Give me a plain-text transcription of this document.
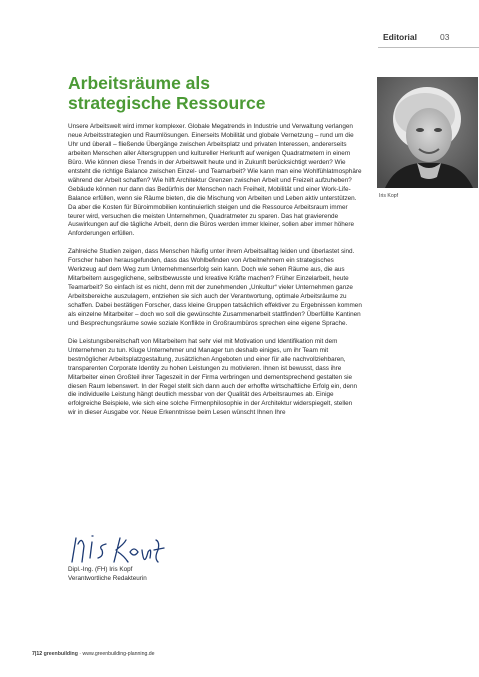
Editorial	03
Arbeitsräume als
strategische Ressource

Unsere Arbeitswelt wird immer komplexer. Globale Megatrends in Industrie und Verwaltung verlangen neue Arbeitsstrategien und Raumlösungen. Einerseits Mobilität und globale Vernetzung – rund um die Uhr und überall – fließende Übergänge zwischen Arbeitsplatz und privaten Interessen, andererseits arbeiten Menschen aller Altersgruppen und kultureller Herkunft auf wenigen Quadratmetern in einem Büro. Wie können diese Trends in der Arbeitswelt heute und in Zukunft berücksichtigt werden? Wie entsteht die richtige Balance zwischen Einzel- und Teamarbeit? Wie kann man eine Wohlfühlatmosphäre während der Arbeit schaffen? Wie hilft Architektur Grenzen zwischen Arbeit und Freizeit aufzuheben? Gebäude können nur dann das Bedürfnis der Menschen nach Freiheit, Mobilität und einer Work-Life-Balance erfüllen, wenn sie Räume bieten, die die Mischung von Arbeiten und Leben aktiv unterstützen. Da aber die Kosten für Büroimmobilien kontinuierlich steigen und die Ressource Arbeitsraum immer teurer wird, versuchen die meisten Unternehmen, Quadratmeter zu sparen. Das hat gravierende Auswirkungen auf die tägliche Arbeit, denn die Büros werden immer kleiner, sollen aber immer höhere Anforderungen erfüllen.

Zahlreiche Studien zeigen, dass Menschen häufig unter ihrem Arbeitsalltag leiden und überlastet sind. Forscher haben herausgefunden, dass das Wohlbefinden von Arbeitnehmern ein strategisches Werkzeug auf dem Weg zum Unternehmenserfolg sein kann. Doch wie sehen Räume aus, die aus Mitarbeitern ausgeglichene, selbstbewusste und kreative Kräfte machen? Früher Einzelarbeit, heute Teamarbeit? So einfach ist es nicht, denn mit der zunehmenden „Unkultur“ vieler Unternehmen ganze Arbeitsbereiche auszulagern, entziehen sie sich auch der Verantwortung, optimale Arbeitsräume zu schaffen. Dabei bestätigen Forscher, dass kleine Gruppen tatsächlich effektiver zu Ergebnissen kommen als einzelne Mitarbeiter – doch wo soll die gewünschte Zusammenarbeit stattfinden? Überfüllte Kantinen und Besprechungsräume sowie soziale Konflikte in Großraumbüros sprechen eine eigene Sprache.

Die Leistungsbereitschaft von Mitarbeitern hat sehr viel mit Motivation und Identifikation mit dem Unternehmen zu tun. Kluge Unternehmer und Manager tun deshalb einiges, um ihr Team mit bestmöglicher Arbeitsplatzgestaltung, zusätzlichen Angeboten und einer für alle nachvollziehbaren, transparenten Corporate Identity zu hohen Leistungen zu motivieren. Ihnen ist bewusst, dass ihre Mitarbeiter einen Großteil ihrer Tageszeit in der Firma verbringen und dementsprechend gestalten sie diesen Raum lebenswert. In der Regel stellt sich dann auch der erhoffte wirtschaftliche Erfolg ein, denn die individuelle Leistung hängt deutlich messbar von der Qualität des Arbeitsraumes ab. Einige erfolgreiche Beispiele, wie sich eine solche Firmenphilosophie in der Architektur widerspiegelt, stellen wir in dieser Ausgabe vor. Neue Erkenntnisse beim Lesen wünscht Ihnen Ihre

Iris Kopf
Dipl.-Ing. (FH) Iris Kopf
Verantwortliche Redakteurin
7|12 greenbuilding · www.greenbuilding-planning.de
